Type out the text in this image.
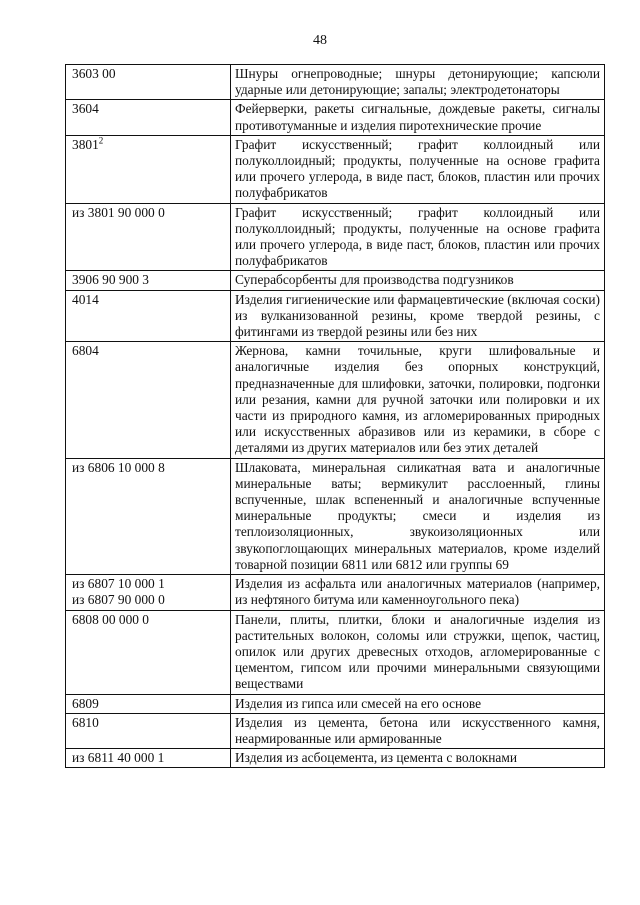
48
3603 00	Шнуры огнепроводные; шнуры детонирующие; капсюли ударные или детонирующие; запалы; электродетонаторы

3604	Фейерверки, ракеты сигнальные, дождевые ракеты, сигналы противотуманные и изделия пиротехнические прочие

3801$^2$	Графит искусственный; графит коллоидный или полуколлоидный; продукты, полученные на основе графита или прочего углерода, в виде паст, блоков, пластин или прочих полуфабрикатов

из 3801 90 000 0	Графит искусственный; графит коллоидный или полуколлоидный; продукты, полученные на основе графита или прочего углерода, в виде паст, блоков, пластин или прочих полуфабрикатов

3906 90 900 3	Суперабсорбенты для производства подгузников

4014	Изделия гигиенические или фармацевтические (включая соски) из вулканизованной резины, кроме твердой резины, с фитингами из твердой резины или без них

6804	Жернова, камни точильные, круги шлифовальные и аналогичные изделия без опорных конструкций, предназначенные для шлифовки, заточки, полировки, подгонки или резания, камни для ручной заточки или полировки и их части из природного камня, из агломерированных природных или искусственных абразивов или из керамики, в сборе с деталями из других материалов или без этих деталей

из 6806 10 000 8	Шлаковата, минеральная силикатная вата и аналогичные минеральные ваты; вермикулит расслоенный, глины вспученные, шлак вспененный и аналогичные вспученные минеральные продукты; смеси и изделия из теплоизоляционных, звукоизоляционных или звукопоглощающих минеральных материалов, кроме изделий товарной позиции 6811 или 6812 или группы 69

из 6807 10 000 1
из 6807 90 000 0	Изделия из асфальта или аналогичных материалов (например, из нефтяного битума или каменноугольного пека)

6808 00 000 0	Панели, плиты, плитки, блоки и аналогичные изделия из растительных волокон, соломы или стружки, щепок, частиц, опилок или других древесных отходов, агломерированные с цементом, гипсом или прочими минеральными связующими веществами

6809	Изделия из гипса или смесей на его основе

6810	Изделия из цемента, бетона или искусственного камня, неармированные или армированные

из 6811 40 000 1	Изделия из асбоцемента, из цемента с волокнами
